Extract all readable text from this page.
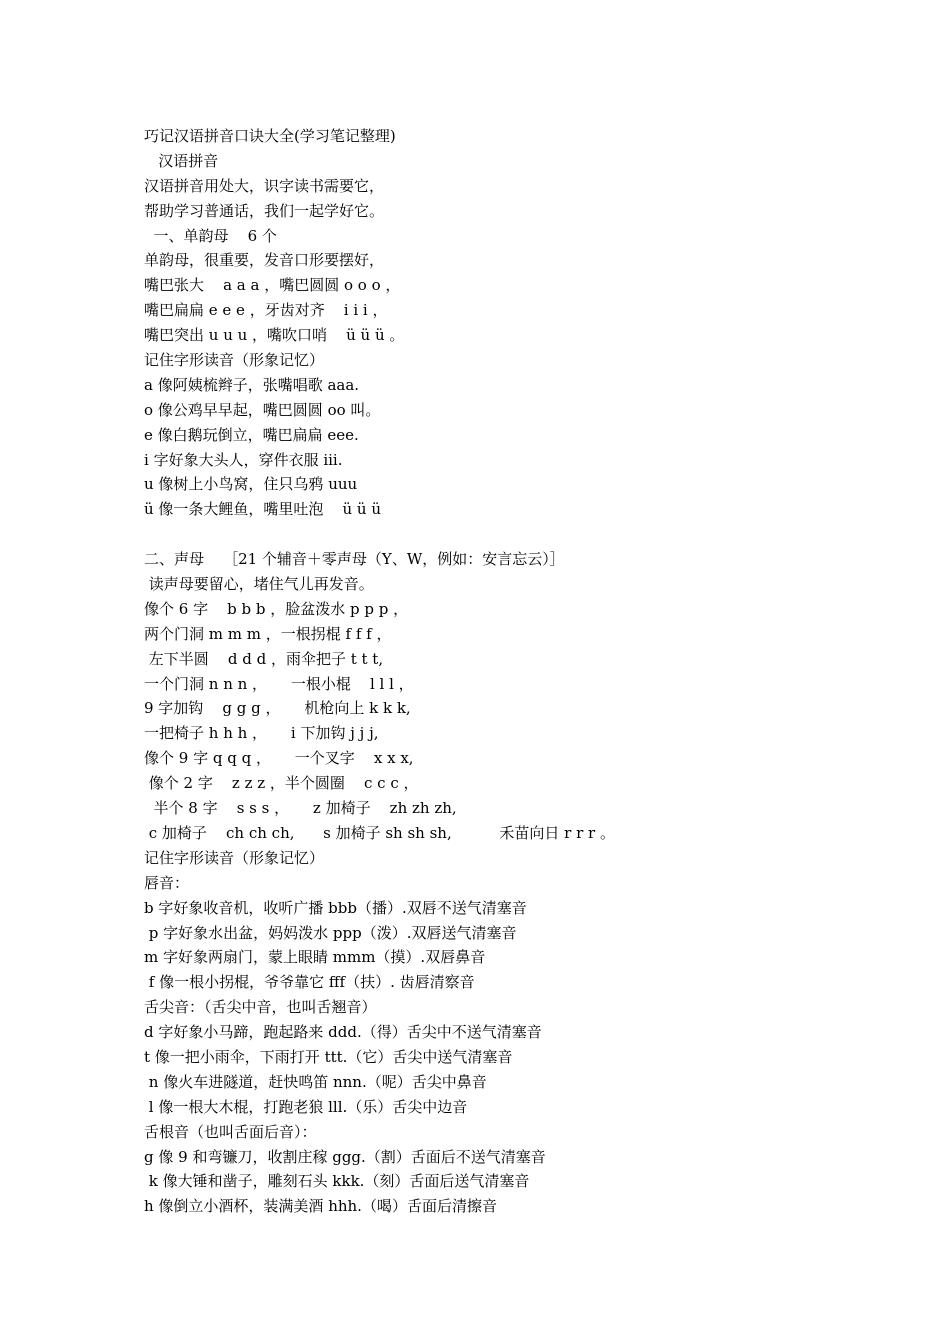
巧记汉语拼音口诀大全(学习笔记整理)
汉语拼音
汉语拼音用处大，识字读书需要它，
帮助学习普通话，我们一起学好它。
一、单韵母    6 个
单韵母，很重要，发音口形要摆好，
嘴巴张大    a a a ，嘴巴圆圆 o o o ，
嘴巴扁扁 e e e ，牙齿对齐    i i i ，
嘴巴突出 u u u ，嘴吹口哨    ü ü ü 。
记住字形读音（形象记忆）
a 像阿姨梳辫子，张嘴唱歌 aaa.
o 像公鸡早早起，嘴巴圆圆 oo 叫。
e 像白鹅玩倒立，嘴巴扁扁 eee.
i 字好象大头人，穿件衣服 iii.
u 像树上小鸟窝，住只乌鸦 uuu
ü 像一条大鲤鱼，嘴里吐泡    ü ü ü
二、声母    ［21 个辅音＋零声母（Y、W，例如：安言忘云）］
读声母要留心，堵住气儿再发音。
像个 6 字    b b b ，脸盆泼水 p p p ，
两个门洞 m m m ，一根拐棍 f f f ，
左下半圆    d d d ，雨伞把子 t t t,
一个门洞 n n n ，     一根小棍    l l l ，
9 字加钩    g g g ，     机枪向上 k k k,
一把椅子 h h h ，     i 下加钩 j j j,
像个 9 字 q q q ，     一个叉字    x x x,
像个 2 字    z z z ，半个圆圈    c c c ，
半个 8 字    s s s ，     z 加椅子    zh zh zh,
c 加椅子    ch ch ch,      s 加椅子 sh sh sh,          禾苗向日 r r r 。
记住字形读音（形象记忆）
唇音：
b 字好象收音机，收听广播 bbb（播）.双唇不送气清塞音
p 字好象水出盆，妈妈泼水 ppp（泼）.双唇送气清塞音
m 字好象两扇门，蒙上眼睛 mmm（摸）.双唇鼻音
f 像一根小拐棍，爷爷靠它 fff（扶）. 齿唇清察音
舌尖音：（舌尖中音，也叫舌翘音）
d 字好象小马蹄，跑起路来 ddd.（得）舌尖中不送气清塞音
t 像一把小雨伞，下雨打开 ttt.（它）舌尖中送气清塞音
n 像火车进隧道，赶快鸣笛 nnn.（呢）舌尖中鼻音
l 像一根大木棍，打跑老狼 lll.（乐）舌尖中边音
舌根音（也叫舌面后音）：
g 像 9 和弯镰刀，收割庄稼 ggg.（割）舌面后不送气清塞音
k 像大锤和凿子，雕刻石头 kkk.（刻）舌面后送气清塞音
h 像倒立小酒杯，装满美酒 hhh.（喝）舌面后清擦音
